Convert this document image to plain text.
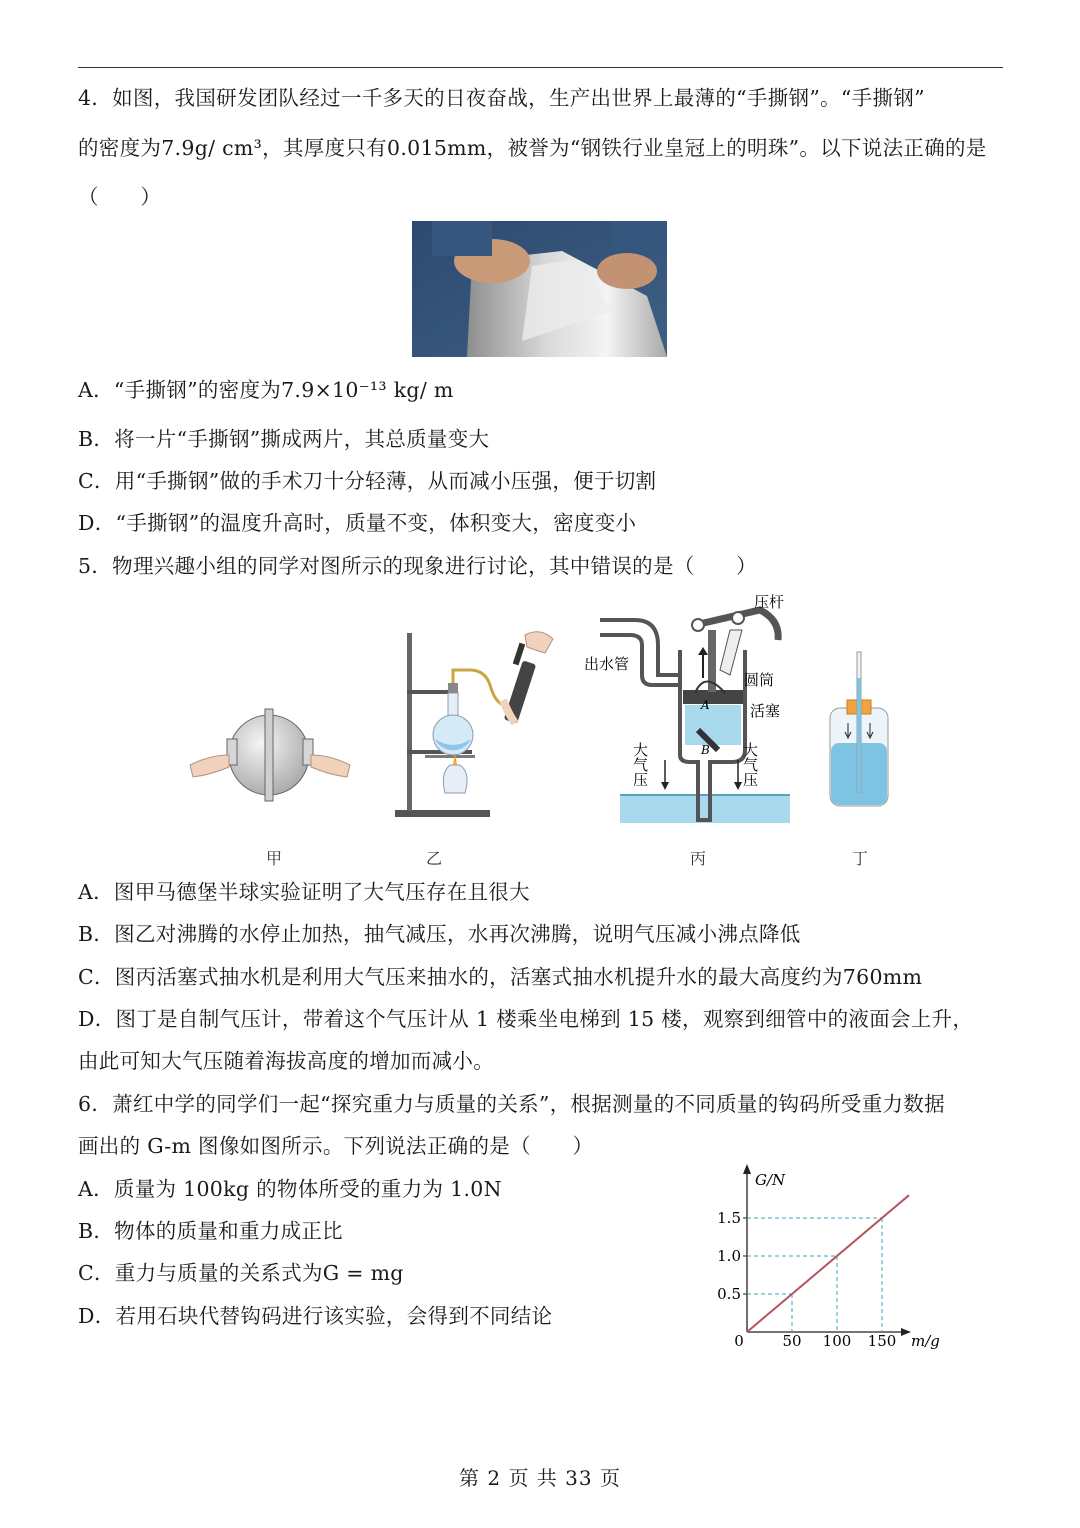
4．如图，我国研发团队经过一千多天的日夜奋战，生产出世界上最薄的“手撕钢”。“手撕钢”
的密度为7.9g/ cm³，其厚度只有0.015mm，被誉为“钢铁行业皇冠上的明珠”。以下说法正确的是
（　　）
A．“手撕钢”的密度为7.9×10⁻¹³ kg/ m
B．将一片“手撕钢”撕成两片，其总质量变大
C．用“手撕钢”做的手术刀十分轻薄，从而减小压强，便于切割
D．“手撕钢”的温度升高时，质量不变，体积变大，密度变小
5．物理兴趣小组的同学对图所示的现象进行讨论，其中错误的是（　　）
A
B
压杆
出水管
圆筒
活塞
大气压	大气压
甲	乙	丙	丁
A．图甲马德堡半球实验证明了大气压存在且很大
B．图乙对沸腾的水停止加热，抽气减压，水再次沸腾，说明气压减小沸点降低
C．图丙活塞式抽水机是利用大气压来抽水的，活塞式抽水机提升水的最大高度约为760mm
D．图丁是自制气压计，带着这个气压计从 1 楼乘坐电梯到 15 楼，观察到细管中的液面会上升，
由此可知大气压随着海拔高度的增加而减小。
6．萧红中学的同学们一起“探究重力与质量的关系”，根据测量的不同质量的钩码所受重力数据
画出的 G-m 图像如图所示。下列说法正确的是（　　）
A．质量为 100kg 的物体所受的重力为 1.0N
B．物体的质量和重力成正比
C．重力与质量的关系式为G = mg
D．若用石块代替钩码进行该实验，会得到不同结论
0
G/N
m/g
50 100 150
0.5
1.0
1.5
第 2 页 共 33 页
